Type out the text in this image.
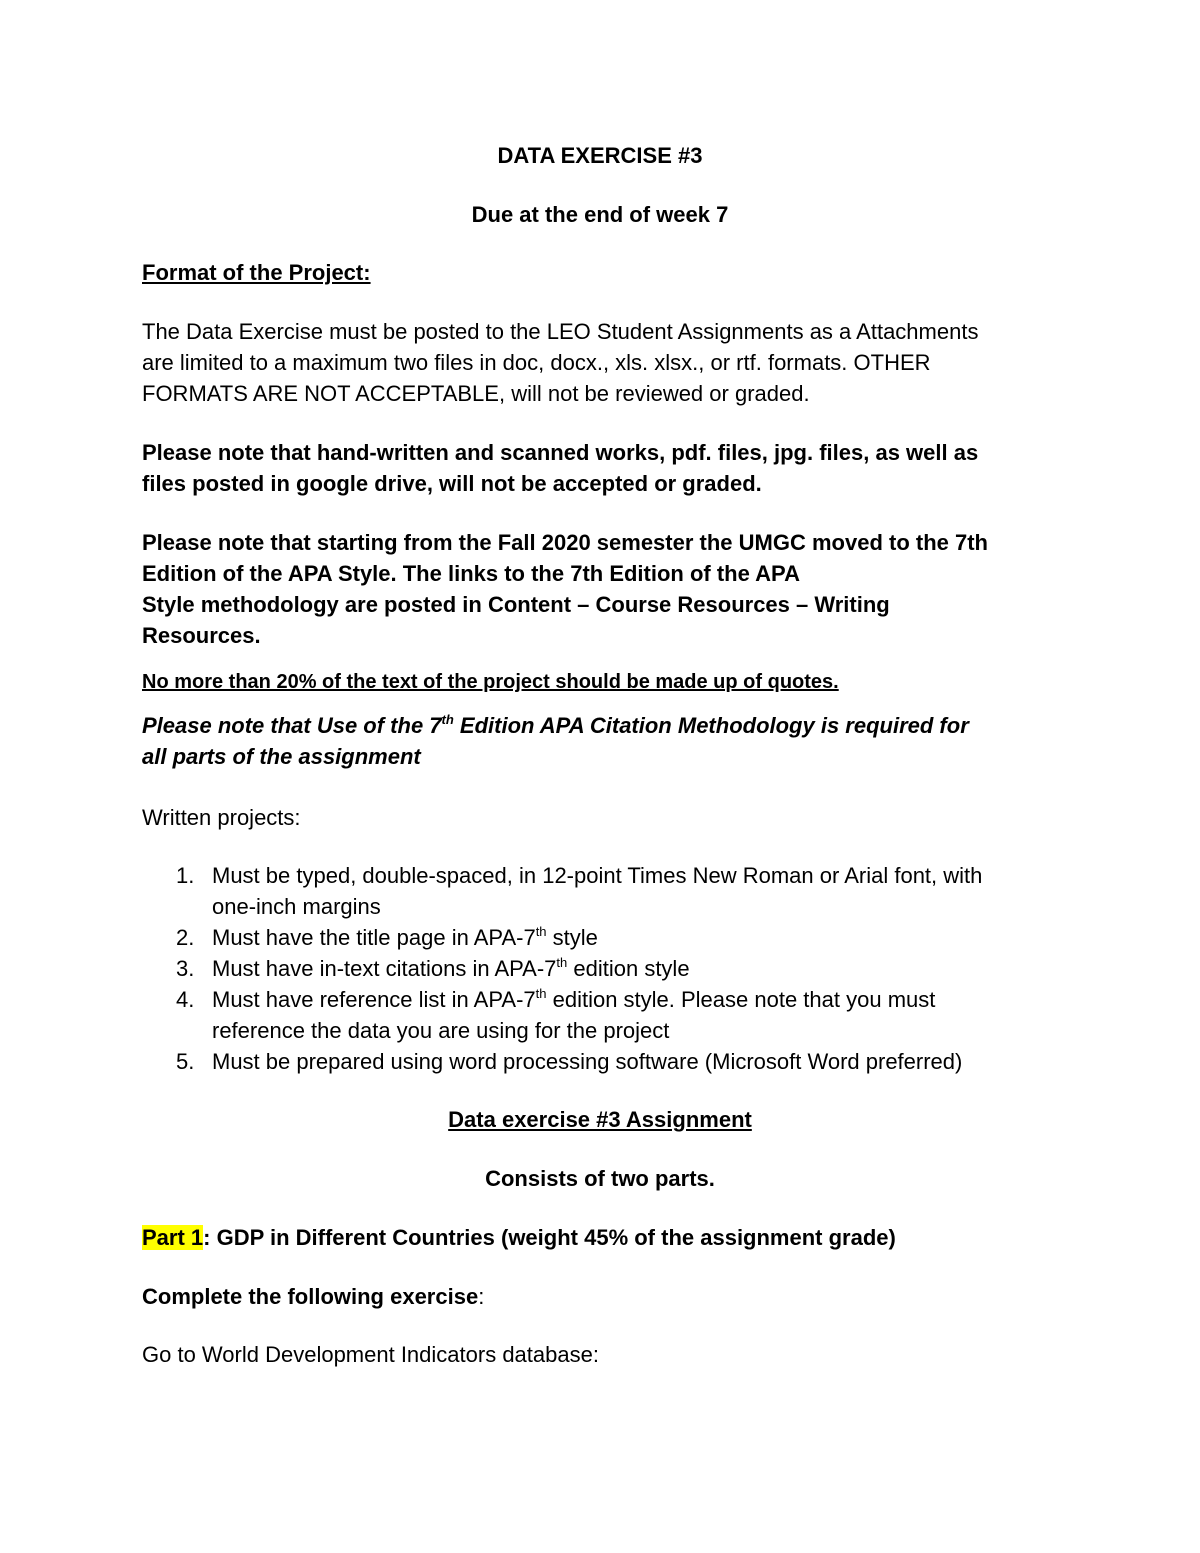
DATA EXERCISE #3

Due at the end of week 7

Format of the Project:

The Data Exercise must be posted to the LEO Student Assignments as a Attachments

are limited to a maximum two files in doc, docx., xls. xlsx., or rtf. formats. OTHER

FORMATS ARE NOT ACCEPTABLE, will not be reviewed or graded.

Please note that hand-written and scanned works, pdf. files, jpg. files, as well as

files posted in google drive, will not be accepted or graded.

Please note that starting from the Fall 2020 semester the UMGC moved to the 7th

Edition of the APA Style. The links to the 7th Edition of the APA

Style methodology are posted in Content – Course Resources – Writing

Resources.

No more than 20% of the text of the project should be made up of quotes.

Please note that Use of the 7th Edition APA Citation Methodology is required for

all parts of the assignment

Written projects:

1. Must be typed, double-spaced, in 12-point Times New Roman or Arial font, with
one-inch margins
2. Must have the title page in APA-7th style
3. Must have in-text citations in APA-7th edition style
4. Must have reference list in APA-7th edition style. Please note that you must
reference the data you are using for the project
5. Must be prepared using word processing software (Microsoft Word preferred)

Data exercise #3 Assignment

Consists of two parts.

Part 1: GDP in Different Countries (weight 45% of the assignment grade)

Complete the following exercise:

Go to World Development Indicators database:
